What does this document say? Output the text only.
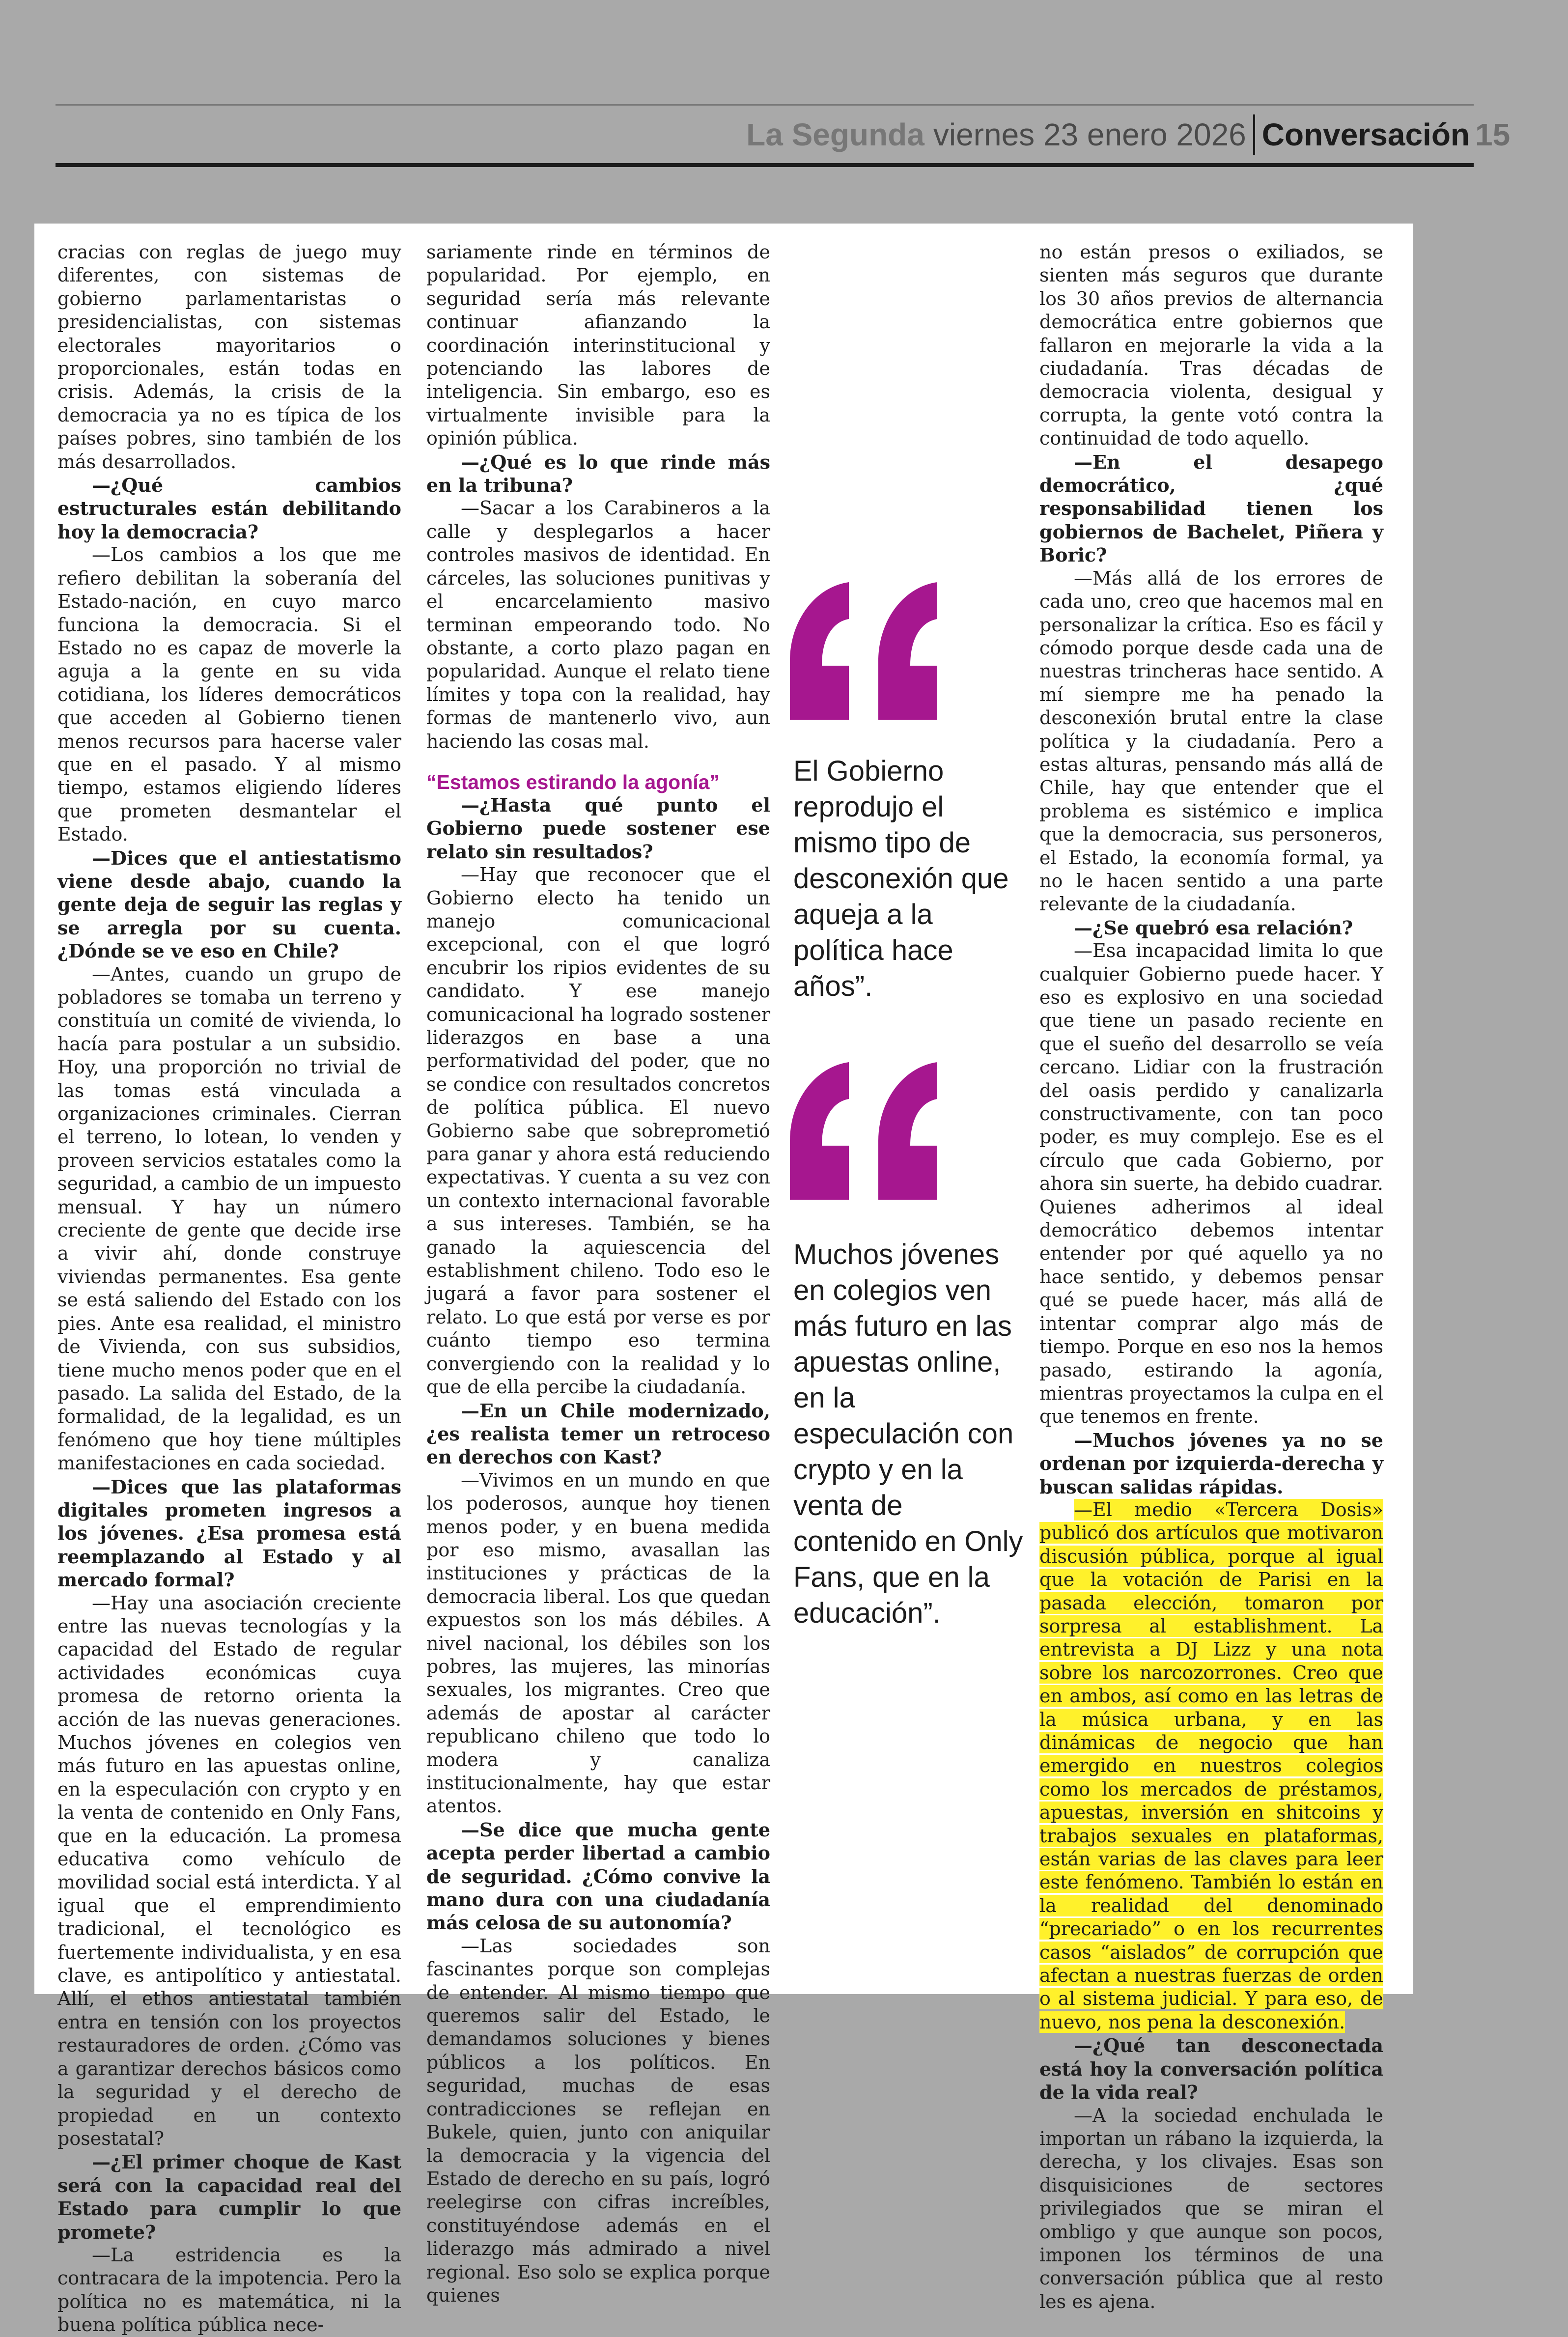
La Segunda viernes 23 enero 2026 Conversación 15

cracias con reglas de juego muy diferentes, con sistemas de gobierno parlamentaristas o presidencialistas, con sistemas electorales mayoritarios o proporcionales, están todas en crisis. Además, la crisis de la democracia ya no es típica de los países pobres, sino también de los más desarrollados.

—¿Qué cambios estructurales están debilitando hoy la democracia?

—Los cambios a los que me refiero debilitan la soberanía del Estado-nación, en cuyo marco funciona la democracia. Si el Estado no es capaz de moverle la aguja a la gente en su vida cotidiana, los líderes democráticos que acceden al Gobierno tienen menos recursos para hacerse valer que en el pasado. Y al mismo tiempo, estamos eligiendo líderes que prometen desmantelar el Estado.

—Dices que el antiestatismo viene desde abajo, cuando la gente deja de seguir las reglas y se arregla por su cuenta. ¿Dónde se ve eso en Chile?

—Antes, cuando un grupo de pobladores se tomaba un terreno y constituía un comité de vivienda, lo hacía para postular a un subsidio. Hoy, una proporción no trivial de las tomas está vinculada a organizaciones criminales. Cierran el terreno, lo lotean, lo venden y proveen servicios estatales como la seguridad, a cambio de un impuesto mensual. Y hay un número creciente de gente que decide irse a vivir ahí, donde construye viviendas permanentes. Esa gente se está saliendo del Estado con los pies. Ante esa realidad, el ministro de Vivienda, con sus subsidios, tiene mucho menos poder que en el pasado. La salida del Estado, de la formalidad, de la legalidad, es un fenómeno que hoy tiene múltiples manifestaciones en cada sociedad.

—Dices que las plataformas digitales prometen ingresos a los jóvenes. ¿Esa promesa está reemplazando al Estado y al mercado formal?

—Hay una asociación creciente entre las nuevas tecnologías y la capacidad del Estado de regular actividades económicas cuya promesa de retorno orienta la acción de las nuevas generaciones. Muchos jóvenes en colegios ven más futuro en las apuestas online, en la especulación con crypto y en la venta de contenido en Only Fans, que en la educación. La promesa educativa como vehículo de movilidad social está interdicta. Y al igual que el emprendimiento tradicional, el tecnológico es fuertemente individualista, y en esa clave, es antipolítico y antiestatal. Allí, el ethos antiestatal también entra en tensión con los proyectos restauradores de orden. ¿Cómo vas a garantizar derechos básicos como la seguridad y el derecho de propiedad en un contexto posestatal?

—¿El primer choque de Kast será con la capacidad real del Estado para cumplir lo que promete?

—La estridencia es la contracara de la impotencia. Pero la política no es matemática, ni la buena política pública nece-

sariamente rinde en términos de popularidad. Por ejemplo, en seguridad sería más relevante continuar afianzando la coordinación interinstitucional y potenciando las labores de inteligencia. Sin embargo, eso es virtualmente invisible para la opinión pública.

—¿Qué es lo que rinde más en la tribuna?

—Sacar a los Carabineros a la calle y desplegarlos a hacer controles masivos de identidad. En cárceles, las soluciones punitivas y el encarcelamiento masivo terminan empeorando todo. No obstante, a corto plazo pagan en popularidad. Aunque el relato tiene límites y topa con la realidad, hay formas de mantenerlo vivo, aun haciendo las cosas mal.

“Estamos estirando la agonía”

—¿Hasta qué punto el Gobierno puede sostener ese relato sin resultados?

—Hay que reconocer que el Gobierno electo ha tenido un manejo comunicacional excepcional, con el que logró encubrir los ripios evidentes de su candidato. Y ese manejo comunicacional ha logrado sostener liderazgos en base a una performatividad del poder, que no se condice con resultados concretos de política pública. El nuevo Gobierno sabe que sobreprometió para ganar y ahora está reduciendo expectativas. Y cuenta a su vez con un contexto internacional favorable a sus intereses. También, se ha ganado la aquiescencia del establishment chileno. Todo eso le jugará a favor para sostener el relato. Lo que está por verse es por cuánto tiempo eso termina convergiendo con la realidad y lo que de ella percibe la ciudadanía.

—En un Chile modernizado, ¿es realista temer un retroceso en derechos con Kast?

—Vivimos en un mundo en que los poderosos, aunque hoy tienen menos poder, y en buena medida por eso mismo, avasallan las instituciones y prácticas de la democracia liberal. Los que quedan expuestos son los más débiles. A nivel nacional, los débiles son los pobres, las mujeres, las minorías sexuales, los migrantes. Creo que además de apostar al carácter republicano chileno que todo lo modera y canaliza institucionalmente, hay que estar atentos.

—Se dice que mucha gente acepta perder libertad a cambio de seguridad. ¿Cómo convive la mano dura con una ciudadanía más celosa de su autonomía?

—Las sociedades son fascinantes porque son complejas de entender. Al mismo tiempo que queremos salir del Estado, le demandamos soluciones y bienes públicos a los políticos. En seguridad, muchas de esas contradicciones se reflejan en Bukele, quien, junto con aniquilar la democracia y la vigencia del Estado de derecho en su país, logró reelegirse con cifras increíbles, constituyéndose además en el liderazgo más admirado a nivel regional. Eso solo se explica porque quienes

El Gobierno reprodujo el mismo tipo de desconexión que aqueja a la política hace años”.
Muchos jóvenes en colegios ven más futuro en las apuestas online, en la especulación con crypto y en la venta de contenido en Only Fans, que en la educación”.

no están presos o exiliados, se sienten más seguros que durante los 30 años previos de alternancia democrática entre gobiernos que fallaron en mejorarle la vida a la ciudadanía. Tras décadas de democracia violenta, desigual y corrupta, la gente votó contra la continuidad de todo aquello.

—En el desapego democrático, ¿qué responsabilidad tienen los gobiernos de Bachelet, Piñera y Boric?

—Más allá de los errores de cada uno, creo que hacemos mal en personalizar la crítica. Eso es fácil y cómodo porque desde cada una de nuestras trincheras hace sentido. A mí siempre me ha penado la desconexión brutal entre la clase política y la ciudadanía. Pero a estas alturas, pensando más allá de Chile, hay que entender que el problema es sistémico e implica que la democracia, sus personeros, el Estado, la economía formal, ya no le hacen sentido a una parte relevante de la ciudadanía.

—¿Se quebró esa relación?

—Esa incapacidad limita lo que cualquier Gobierno puede hacer. Y eso es explosivo en una sociedad que tiene un pasado reciente en que el sueño del desarrollo se veía cercano. Lidiar con la frustración del oasis perdido y canalizarla constructivamente, con tan poco poder, es muy complejo. Ese es el círculo que cada Gobierno, por ahora sin suerte, ha debido cuadrar. Quienes adherimos al ideal democrático debemos intentar entender por qué aquello ya no hace sentido, y debemos pensar qué se puede hacer, más allá de intentar comprar algo más de tiempo. Porque en eso nos la hemos pasado, estirando la agonía, mientras proyectamos la culpa en el que tenemos en frente.

—Muchos jóvenes ya no se ordenan por izquierda-derecha y buscan salidas rápidas.

—El medio «Tercera Dosis» publicó dos artículos que motivaron discusión pública, porque al igual que la votación de Parisi en la pasada elección, tomaron por sorpresa al establishment. La entrevista a DJ Lizz y una nota sobre los narcozorrones. Creo que en ambos, así como en las letras de la música urbana, y en las dinámicas de negocio que han emergido en nuestros colegios como los mercados de préstamos, apuestas, inversión en shitcoins y trabajos sexuales en plataformas, están varias de las claves para leer este fenómeno. También lo están en la realidad del denominado “precariado” o en los recurrentes casos “aislados” de corrupción que afectan a nuestras fuerzas de orden o al sistema judicial. Y para eso, de nuevo, nos pena la desconexión.

—¿Qué tan desconectada está hoy la conversación política de la vida real?

—A la sociedad enchulada le importan un rábano la izquierda, la derecha, y los clivajes. Esas son disquisiciones de sectores privilegiados que se miran el ombligo y que aunque son pocos, imponen los términos de una conversación pública que al resto les es ajena.
